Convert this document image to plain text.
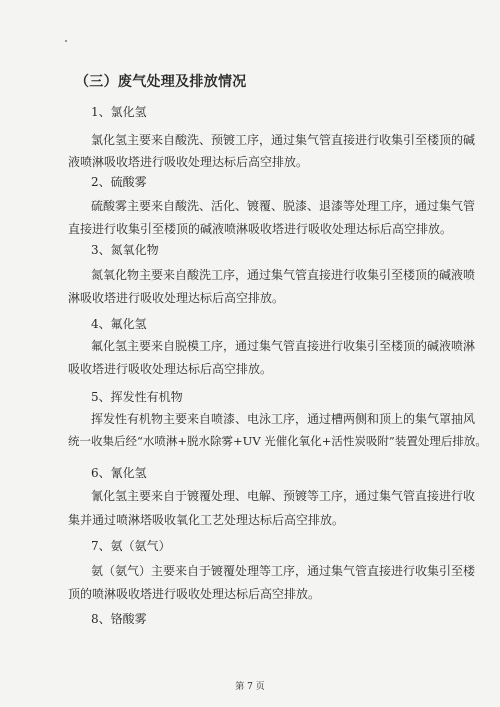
（三）废气处理及排放情况
1、氯化氢
氯化氢主要来自酸洗、预镀工序，通过集气管直接进行收集引至楼顶的碱
液喷淋吸收塔进行吸收处理达标后高空排放。
2、硫酸雾
硫酸雾主要来自酸洗、活化、镀覆、脱漆、退漆等处理工序，通过集气管
直接进行收集引至楼顶的碱液喷淋吸收塔进行吸收处理达标后高空排放。
3、氮氧化物
氮氧化物主要来自酸洗工序，通过集气管直接进行收集引至楼顶的碱液喷
淋吸收塔进行吸收处理达标后高空排放。
4、氟化氢
氟化氢主要来自脱模工序，通过集气管直接进行收集引至楼顶的碱液喷淋
吸收塔进行吸收处理达标后高空排放。
5、挥发性有机物
挥发性有机物主要来自喷漆、电泳工序，通过槽两侧和顶上的集气罩抽风
统一收集后经“水喷淋+脱水除雾+UV 光催化氧化+活性炭吸附”装置处理后排放。
6、氰化氢
氰化氢主要来自于镀覆处理、电解、预镀等工序，通过集气管直接进行收
集并通过喷淋塔吸收氧化工艺处理达标后高空排放。
7、氨（氨气）
氨（氨气）主要来自于镀覆处理等工序，通过集气管直接进行收集引至楼
顶的喷淋吸收塔进行吸收处理达标后高空排放。
8、铬酸雾
第 7 页
